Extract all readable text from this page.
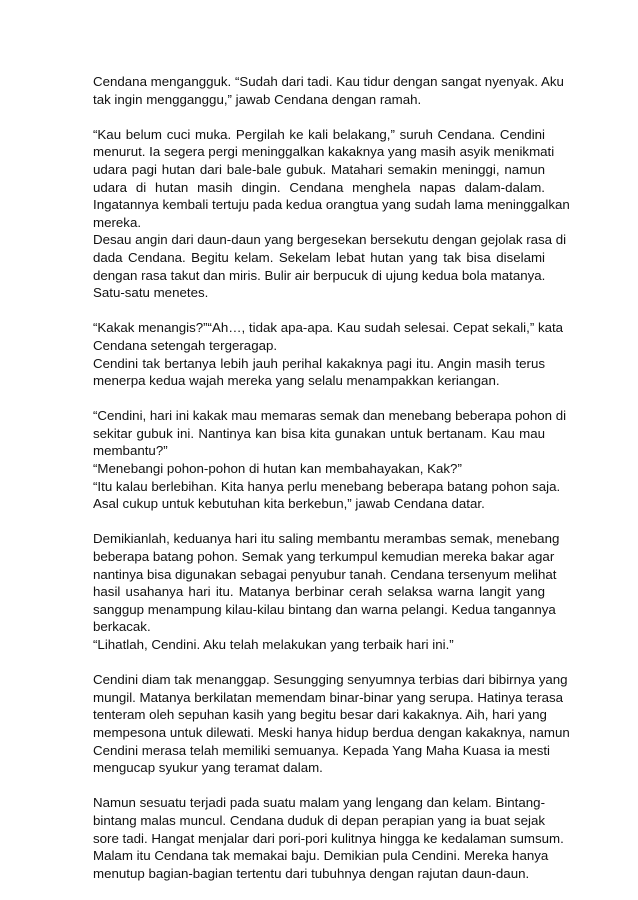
Cendana mengangguk. “Sudah dari tadi. Kau tidur dengan sangat nyenyak. Aku
tak ingin mengganggu,” jawab Cendana dengan ramah.
“Kau belum cuci muka. Pergilah ke kali belakang,” suruh Cendana. Cendini
menurut. Ia segera pergi meninggalkan kakaknya yang masih asyik menikmati
udara pagi hutan dari bale-bale gubuk. Matahari semakin meninggi, namun
udara di hutan masih dingin. Cendana menghela napas dalam-dalam.
Ingatannya kembali tertuju pada kedua orangtua yang sudah lama meninggalkan
mereka.
Desau angin dari daun-daun yang bergesekan bersekutu dengan gejolak rasa di
dada Cendana. Begitu kelam. Sekelam lebat hutan yang tak bisa diselami
dengan rasa takut dan miris. Bulir air berpucuk di ujung kedua bola matanya.
Satu-satu menetes.
“Kakak menangis?”“Ah…, tidak apa-apa. Kau sudah selesai. Cepat sekali,” kata
Cendana setengah tergeragap.
Cendini tak bertanya lebih jauh perihal kakaknya pagi itu. Angin masih terus
menerpa kedua wajah mereka yang selalu menampakkan keriangan.
“Cendini, hari ini kakak mau memaras semak dan menebang beberapa pohon di
sekitar gubuk ini. Nantinya kan bisa kita gunakan untuk bertanam. Kau mau
membantu?”
“Menebangi pohon-pohon di hutan kan membahayakan, Kak?”
“Itu kalau berlebihan. Kita hanya perlu menebang beberapa batang pohon saja.
Asal cukup untuk kebutuhan kita berkebun,” jawab Cendana datar.
Demikianlah, keduanya hari itu saling membantu merambas semak, menebang
beberapa batang pohon. Semak yang terkumpul kemudian mereka bakar agar
nantinya bisa digunakan sebagai penyubur tanah. Cendana tersenyum melihat
hasil usahanya hari itu. Matanya berbinar cerah selaksa warna langit yang
sanggup menampung kilau-kilau bintang dan warna pelangi. Kedua tangannya
berkacak.
“Lihatlah, Cendini. Aku telah melakukan yang terbaik hari ini.”
Cendini diam tak menanggap. Sesungging senyumnya terbias dari bibirnya yang
mungil. Matanya berkilatan memendam binar-binar yang serupa. Hatinya terasa
tenteram oleh sepuhan kasih yang begitu besar dari kakaknya. Aih, hari yang
mempesona untuk dilewati. Meski hanya hidup berdua dengan kakaknya, namun
Cendini merasa telah memiliki semuanya. Kepada Yang Maha Kuasa ia mesti
mengucap syukur yang teramat dalam.
Namun sesuatu terjadi pada suatu malam yang lengang dan kelam. Bintang-
bintang malas muncul. Cendana duduk di depan perapian yang ia buat sejak
sore tadi. Hangat menjalar dari pori-pori kulitnya hingga ke kedalaman sumsum.
Malam itu Cendana tak memakai baju. Demikian pula Cendini. Mereka hanya
menutup bagian-bagian tertentu dari tubuhnya dengan rajutan daun-daun.
